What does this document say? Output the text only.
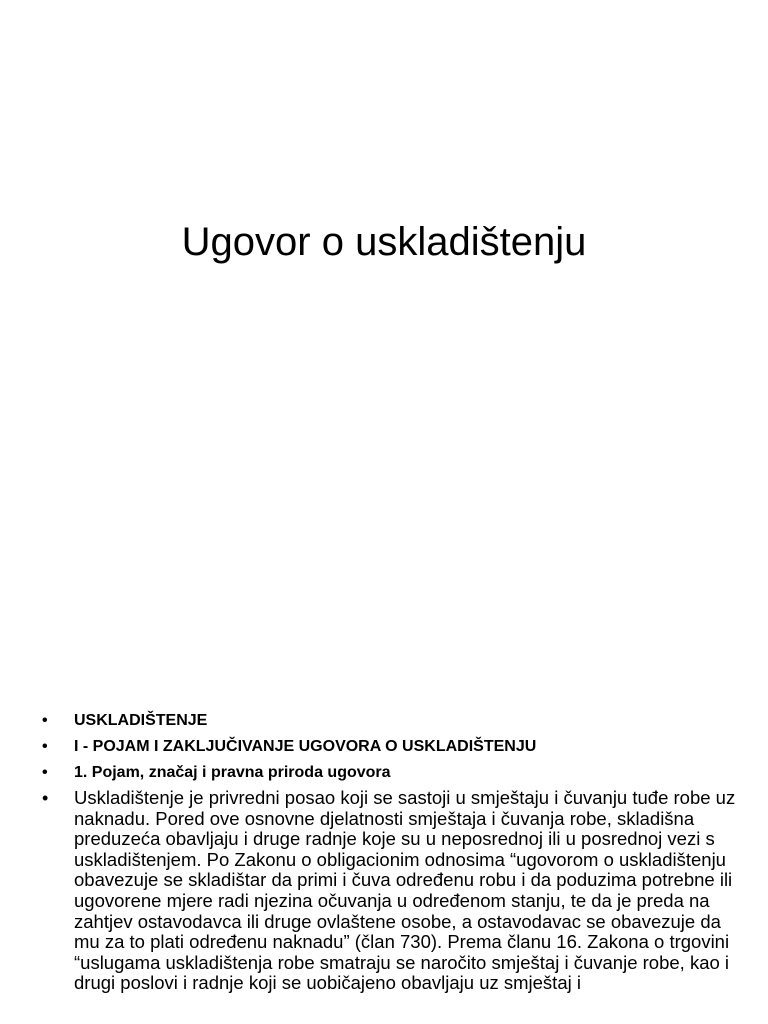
Ugovor o uskladištenju
• USKLADIŠTENJE
• I - POJAM I ZAKLJUČIVANJE UGOVORA O USKLADIŠTENJU
• 1. Pojam, značaj i pravna priroda ugovora
• Uskladištenje je privredni posao koji se sastoji u smještaju i čuvanju tuđe robe uz naknadu. Pored ove osnovne djelatnosti smještaja i čuvanja robe, skladišna preduzeća obavljaju i druge radnje koje su u neposrednoj ili u posrednoj vezi s uskladištenjem. Po Zakonu o obligacionim odnosima “ugovorom o uskladištenju obavezuje se skladištar da primi i čuva određenu robu i da poduzima potrebne ili ugovorene mjere radi njezina očuvanja u određenom stanju, te da je preda na zahtjev ostavodavca ili druge ovlaštene osobe, a ostavodavac se obavezuje da mu za to plati određenu naknadu” (član 730). Prema članu 16. Zakona o trgovini “uslugama uskladištenja robe smatraju se naročito smještaj i čuvanje robe, kao i drugi poslovi i radnje koji se uobičajeno obavljaju uz smještaj i
